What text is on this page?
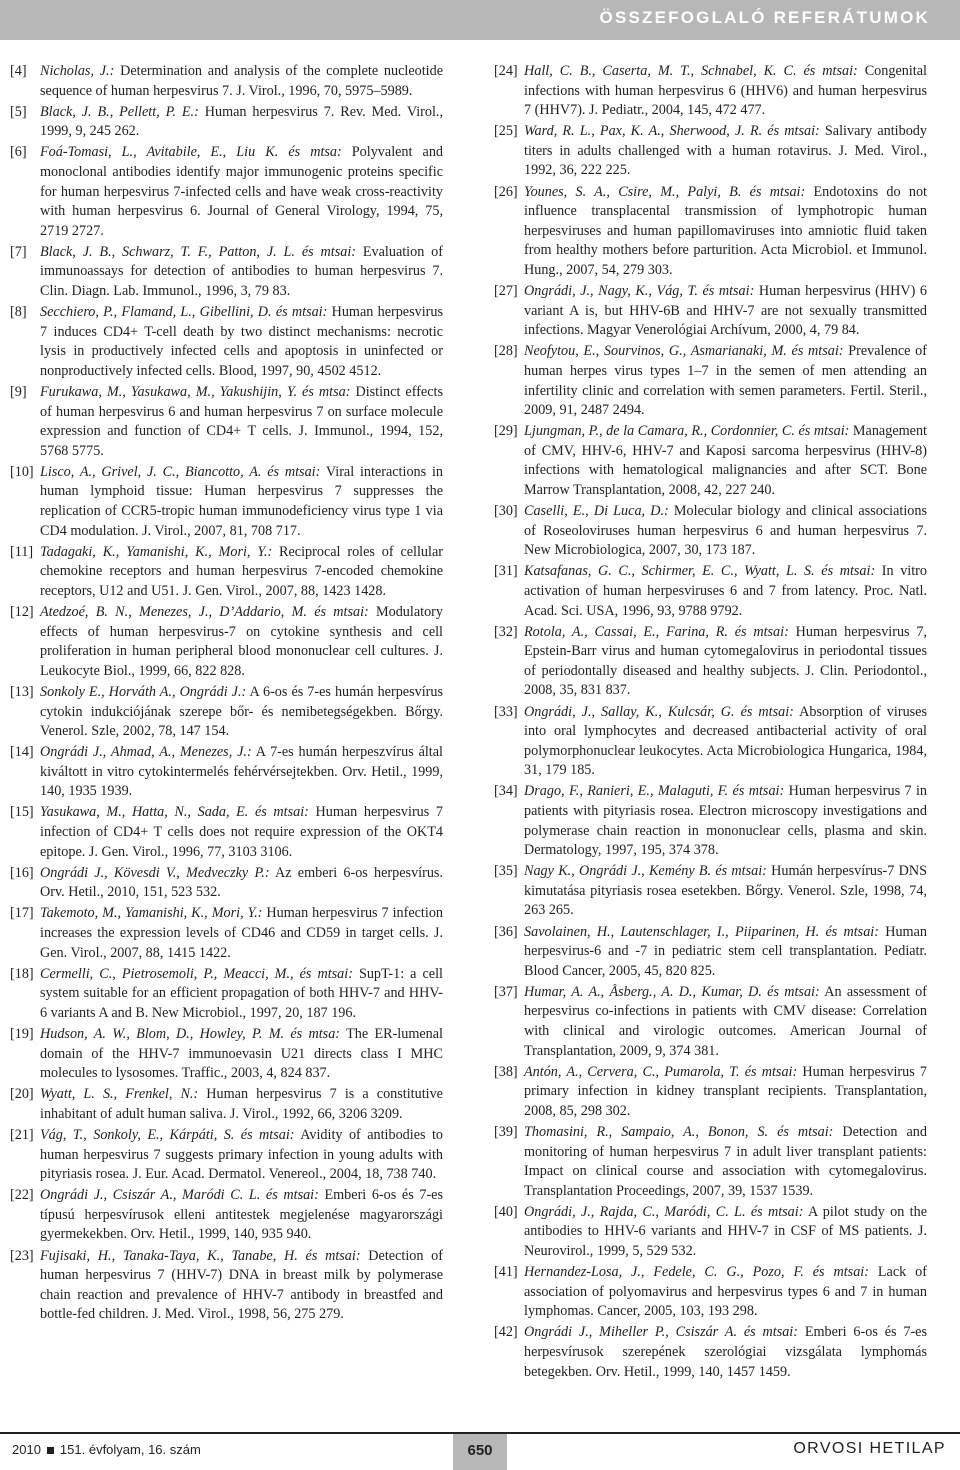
ÖSSZEFOGLALÓ REFERÁTUMOK
[4] Nicholas, J.: Determination and analysis of the complete nucleotide sequence of human herpesvirus 7. J. Virol., 1996, 70, 5975–5989.
[5] Black, J. B., Pellett, P. E.: Human herpesvirus 7. Rev. Med. Virol., 1999, 9, 245 262.
[6] Foá-Tomasi, L., Avitabile, E., Liu K. és mtsa: Polyvalent and monoclonal antibodies identify major immunogenic proteins specific for human herpesvirus 7-infected cells and have weak cross-reactivity with human herpesvirus 6. Journal of General Virology, 1994, 75, 2719 2727.
[7] Black, J. B., Schwarz, T. F., Patton, J. L. és mtsai: Evaluation of immunoassays for detection of antibodies to human herpesvirus 7. Clin. Diagn. Lab. Immunol., 1996, 3, 79 83.
[8] Secchiero, P., Flamand, L., Gibellini, D. és mtsai: Human herpesvirus 7 induces CD4+ T-cell death by two distinct mechanisms: necrotic lysis in productively infected cells and apoptosis in uninfected or nonproductively infected cells. Blood, 1997, 90, 4502 4512.
[9] Furukawa, M., Yasukawa, M., Yakushijin, Y. és mtsa: Distinct effects of human herpesvirus 6 and human herpesvirus 7 on surface molecule expression and function of CD4+ T cells. J. Immunol., 1994, 152, 5768 5775.
[10] Lisco, A., Grivel, J. C., Biancotto, A. és mtsai: Viral interactions in human lymphoid tissue: Human herpesvirus 7 suppresses the replication of CCR5-tropic human immunodeficiency virus type 1 via CD4 modulation. J. Virol., 2007, 81, 708 717.
[11] Tadagaki, K., Yamanishi, K., Mori, Y.: Reciprocal roles of cellular chemokine receptors and human herpesvirus 7-encoded chemokine receptors, U12 and U51. J. Gen. Virol., 2007, 88, 1423 1428.
[12] Atedzoé, B. N., Menezes, J., D’Addario, M. és mtsai: Modulatory effects of human herpesvirus-7 on cytokine synthesis and cell proliferation in human peripheral blood mononuclear cell cultures. J. Leukocyte Biol., 1999, 66, 822 828.
[13] Sonkoly E., Horváth A., Ongrádi J.: A 6-os és 7-es humán herpesvírus cytokin indukciójának szerepe bőr- és nemibetegségekben. Bőrgy. Venerol. Szle, 2002, 78, 147 154.
[14] Ongrádi J., Ahmad, A., Menezes, J.: A 7-es humán herpeszvírus által kiváltott in vitro cytokintermelés fehérvérsejtekben. Orv. Hetil., 1999, 140, 1935 1939.
[15] Yasukawa, M., Hatta, N., Sada, E. és mtsai: Human herpesvirus 7 infection of CD4+ T cells does not require expression of the OKT4 epitope. J. Gen. Virol., 1996, 77, 3103 3106.
[16] Ongrádi J., Kövesdi V., Medveczky P.: Az emberi 6-os herpesvírus. Orv. Hetil., 2010, 151, 523 532.
[17] Takemoto, M., Yamanishi, K., Mori, Y.: Human herpesvirus 7 infection increases the expression levels of CD46 and CD59 in target cells. J. Gen. Virol., 2007, 88, 1415 1422.
[18] Cermelli, C., Pietrosemoli, P., Meacci, M., és mtsai: SupT-1: a cell system suitable for an efficient propagation of both HHV-7 and HHV-6 variants A and B. New Microbiol., 1997, 20, 187 196.
[19] Hudson, A. W., Blom, D., Howley, P. M. és mtsa: The ER-lumenal domain of the HHV-7 immunoevasin U21 directs class I MHC molecules to lysosomes. Traffic., 2003, 4, 824 837.
[20] Wyatt, L. S., Frenkel, N.: Human herpesvirus 7 is a constitutive inhabitant of adult human saliva. J. Virol., 1992, 66, 3206 3209.
[21] Vág, T., Sonkoly, E., Kárpáti, S. és mtsai: Avidity of antibodies to human herpesvirus 7 suggests primary infection in young adults with pityriasis rosea. J. Eur. Acad. Dermatol. Venereol., 2004, 18, 738 740.
[22] Ongrádi J., Csiszár A., Maródi C. L. és mtsai: Emberi 6-os és 7-es típusú herpesvírusok elleni antitestek megjelenése magyarországi gyermekekben. Orv. Hetil., 1999, 140, 935 940.
[23] Fujisaki, H., Tanaka-Taya, K., Tanabe, H. és mtsai: Detection of human herpesvirus 7 (HHV-7) DNA in breast milk by polymerase chain reaction and prevalence of HHV-7 antibody in breastfed and bottle-fed children. J. Med. Virol., 1998, 56, 275 279.
[24] Hall, C. B., Caserta, M. T., Schnabel, K. C. és mtsai: Congenital infections with human herpesvirus 6 (HHV6) and human herpesvirus 7 (HHV7). J. Pediatr., 2004, 145, 472 477.
[25] Ward, R. L., Pax, K. A., Sherwood, J. R. és mtsai: Salivary antibody titers in adults challenged with a human rotavirus. J. Med. Virol., 1992, 36, 222 225.
[26] Younes, S. A., Csire, M., Palyi, B. és mtsai: Endotoxins do not influence transplacental transmission of lymphotropic human herpesviruses and human papillomaviruses into amniotic fluid taken from healthy mothers before parturition. Acta Microbiol. et Immunol. Hung., 2007, 54, 279 303.
[27] Ongrádi, J., Nagy, K., Vág, T. és mtsai: Human herpesvirus (HHV) 6 variant A is, but HHV-6B and HHV-7 are not sexually transmitted infections. Magyar Venerológiai Archívum, 2000, 4, 79 84.
[28] Neofytou, E., Sourvinos, G., Asmarianaki, M. és mtsai: Prevalence of human herpes virus types 1–7 in the semen of men attending an infertility clinic and correlation with semen parameters. Fertil. Steril., 2009, 91, 2487 2494.
[29] Ljungman, P., de la Camara, R., Cordonnier, C. és mtsai: Management of CMV, HHV-6, HHV-7 and Kaposi sarcoma herpesvirus (HHV-8) infections with hematological malignancies and after SCT. Bone Marrow Transplantation, 2008, 42, 227 240.
[30] Caselli, E., Di Luca, D.: Molecular biology and clinical associations of Roseoloviruses human herpesvirus 6 and human herpesvirus 7. New Microbiologica, 2007, 30, 173 187.
[31] Katsafanas, G. C., Schirmer, E. C., Wyatt, L. S. és mtsai: In vitro activation of human herpesviruses 6 and 7 from latency. Proc. Natl. Acad. Sci. USA, 1996, 93, 9788 9792.
[32] Rotola, A., Cassai, E., Farina, R. és mtsai: Human herpesvirus 7, Epstein-Barr virus and human cytomegalovirus in periodontal tissues of periodontally diseased and healthy subjects. J. Clin. Periodontol., 2008, 35, 831 837.
[33] Ongrádi, J., Sallay, K., Kulcsár, G. és mtsai: Absorption of viruses into oral lymphocytes and decreased antibacterial activity of oral polymorphonuclear leukocytes. Acta Microbiologica Hungarica, 1984, 31, 179 185.
[34] Drago, F., Ranieri, E., Malaguti, F. és mtsai: Human herpesvirus 7 in patients with pityriasis rosea. Electron microscopy investigations and polymerase chain reaction in mononuclear cells, plasma and skin. Dermatology, 1997, 195, 374 378.
[35] Nagy K., Ongrádi J., Kemény B. és mtsai: Humán herpesvírus-7 DNS kimutatása pityriasis rosea esetekben. Bőrgy. Venerol. Szle, 1998, 74, 263 265.
[36] Savolainen, H., Lautenschlager, I., Piiparinen, H. és mtsai: Human herpesvirus-6 and -7 in pediatric stem cell transplantation. Pediatr. Blood Cancer, 2005, 45, 820 825.
[37] Humar, A. A., Åsberg., A. D., Kumar, D. és mtsai: An assessment of herpesvirus co-infections in patients with CMV disease: Correlation with clinical and virologic outcomes. American Journal of Transplantation, 2009, 9, 374 381.
[38] Antón, A., Cervera, C., Pumarola, T. és mtsai: Human herpesvirus 7 primary infection in kidney transplant recipients. Transplantation, 2008, 85, 298 302.
[39] Thomasini, R., Sampaio, A., Bonon, S. és mtsai: Detection and monitoring of human herpesvirus 7 in adult liver transplant patients: Impact on clinical course and association with cytomegalovirus. Transplantation Proceedings, 2007, 39, 1537 1539.
[40] Ongrádi, J., Rajda, C., Maródi, C. L. és mtsai: A pilot study on the antibodies to HHV-6 variants and HHV-7 in CSF of MS patients. J. Neurovirol., 1999, 5, 529 532.
[41] Hernandez-Losa, J., Fedele, C. G., Pozo, F. és mtsai: Lack of association of polyomavirus and herpesvirus types 6 and 7 in human lymphomas. Cancer, 2005, 103, 193 298.
[42] Ongrádi J., Miheller P., Csiszár A. és mtsai: Emberi 6-os és 7-es herpesvírusok szerepének szerológiai vizsgálata lymphomás betegekben. Orv. Hetil., 1999, 140, 1457 1459.
2010 151. évfolyam, 16. szám	650	ORVOSI HETILAP
